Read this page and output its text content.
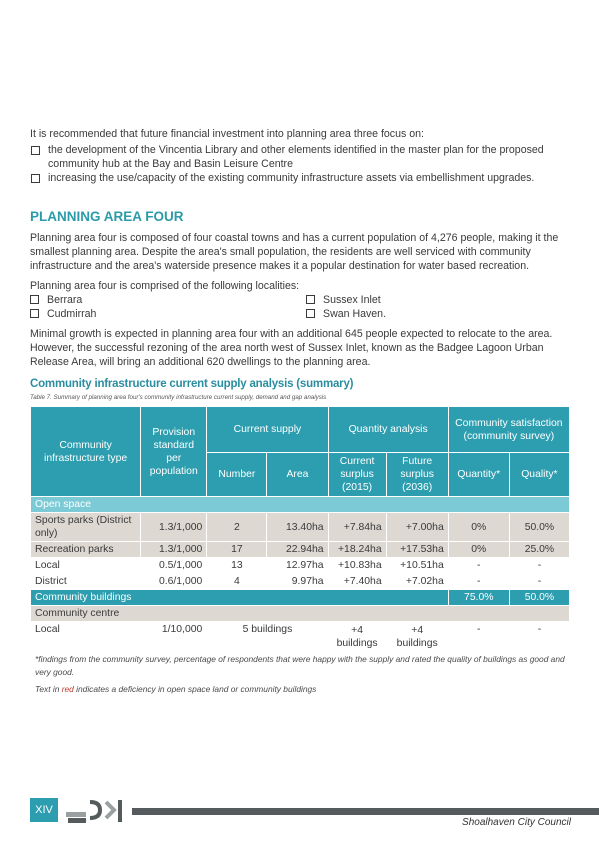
It is recommended that future financial investment into planning area three focus on:

the development of the Vincentia Library and other elements identified in the master plan for the proposed community hub at the Bay and Basin Leisure Centre
increasing the use/capacity of the existing community infrastructure assets via embellishment upgrades.
PLANNING AREA FOUR

Planning area four is composed of four coastal towns and has a current population of 4,276 people, making it the smallest planning area. Despite the area's small population, the residents are well serviced with community infrastructure and the area's waterside presence makes it a popular destination for water based recreation.

Planning area four is comprised of the following localities:

Berrara	Sussex Inlet
Cudmirrah	Swan Haven.

Minimal growth is expected in planning area four with an additional 645 people expected to relocate to the area. However, the successful rezoning of the area north west of Sussex Inlet, known as the Badgee Lagoon Urban Release Area, will bring an additional 620 dwellings to the planning area.

Community infrastructure current supply analysis (summary)
Table 7. Summary of planning area four's community infrastructure current supply, demand and gap analysis
Community infrastructure type	Provision standard per population	Current supply		Quantity analysis		Community satisfaction (community survey)	
		Number	Area	Current surplus (2015)	Future surplus (2036)	Quantity*	Quality*
Open space							
Sports parks (District only)	1.3/1,000	2	13.40ha	+7.84ha	+7.00ha	0%	50.0%
Recreation parks	1.3/1,000	17	22.94ha	+18.24ha	+17.53ha	0%	25.0%
Local	0.5/1,000	13	12.97ha	+10.83ha	+10.51ha	-	-
District	0.6/1,000	4	9.97ha	+7.40ha	+7.02ha	-	-
Community buildings						75.0%	50.0%
Community centre							
Local	1/10,000	5 buildings		+4 buildings	+4 buildings	-	-

*findings from the community survey, percentage of respondents that were happy with the supply and rated the quality of buildings as good and very good.
Text in red indicates a deficiency in open space land or community buildings							
XIV
Shoalhaven City Council
